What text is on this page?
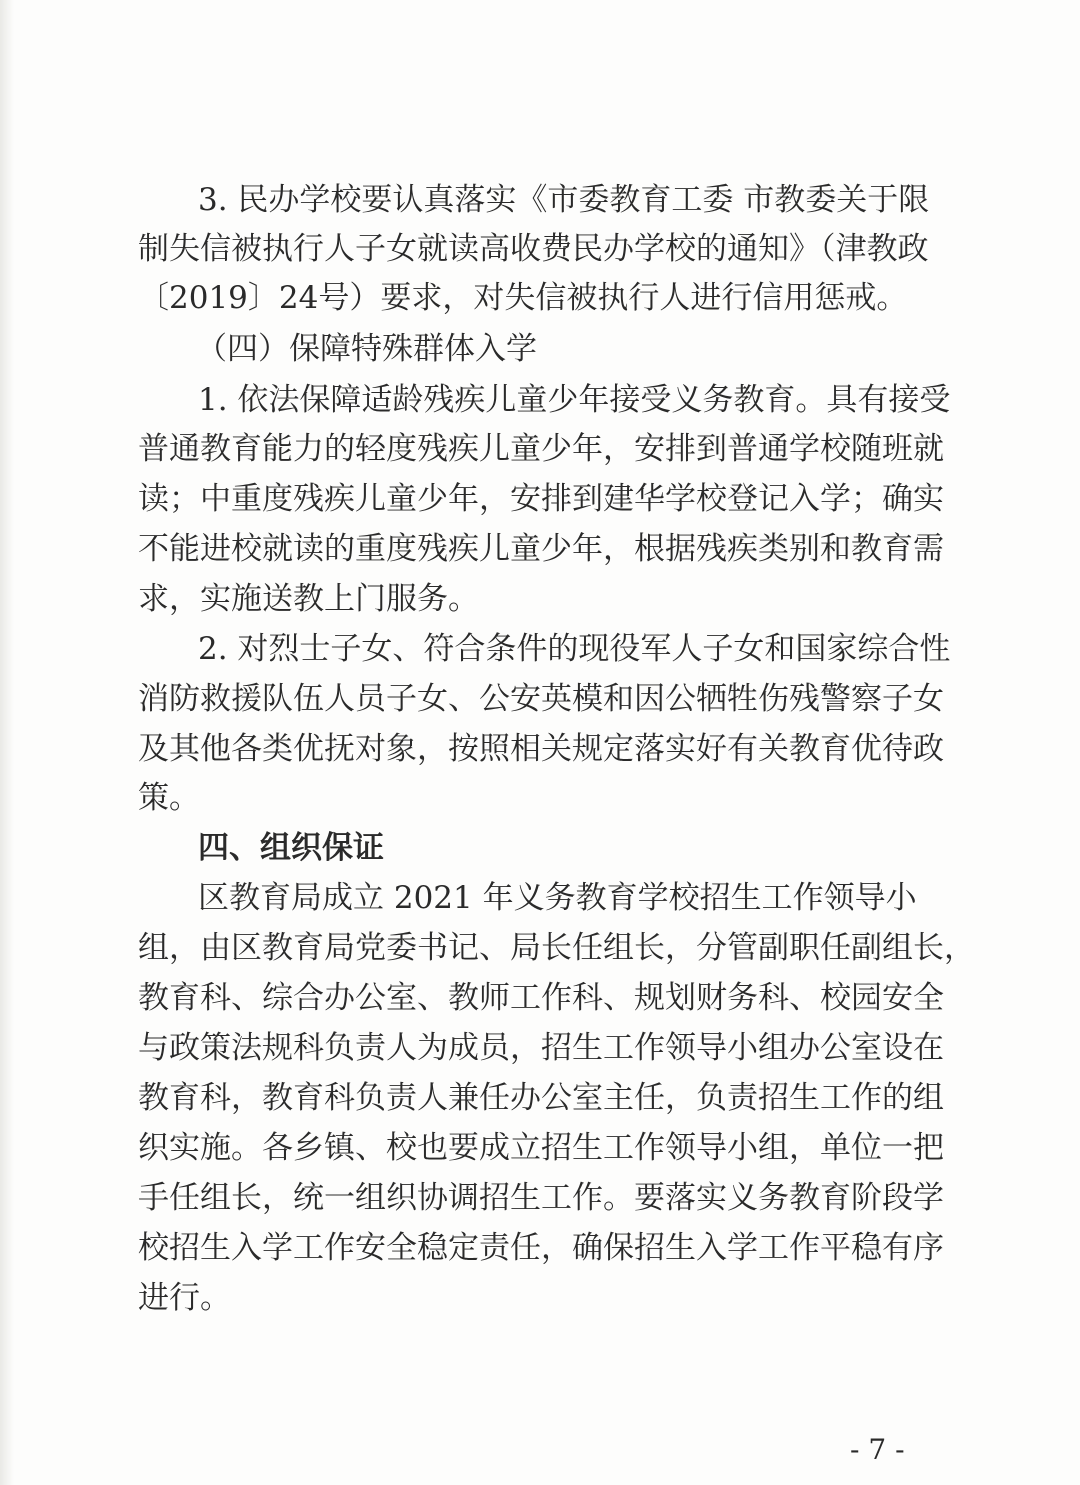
3. 民办学校要认真落实《市委教育工委 市教委关于限
制失信被执行人子女就读高收费民办学校的通知》（津教政
〔2019〕24号）要求，对失信被执行人进行信用惩戒。
（四）保障特殊群体入学
1. 依法保障适龄残疾儿童少年接受义务教育。具有接受
普通教育能力的轻度残疾儿童少年，安排到普通学校随班就
读；中重度残疾儿童少年，安排到建华学校登记入学；确实
不能进校就读的重度残疾儿童少年，根据残疾类别和教育需
求，实施送教上门服务。
2. 对烈士子女、符合条件的现役军人子女和国家综合性
消防救援队伍人员子女、公安英模和因公牺牲伤残警察子女
及其他各类优抚对象，按照相关规定落实好有关教育优待政
策。
四、组织保证
区教育局成立 2021 年义务教育学校招生工作领导小
组，由区教育局党委书记、局长任组长，分管副职任副组长，
教育科、综合办公室、教师工作科、规划财务科、校园安全
与政策法规科负责人为成员，招生工作领导小组办公室设在
教育科，教育科负责人兼任办公室主任，负责招生工作的组
织实施。各乡镇、校也要成立招生工作领导小组，单位一把
手任组长，统一组织协调招生工作。要落实义务教育阶段学
校招生入学工作安全稳定责任，确保招生入学工作平稳有序
进行。
- 7 -
